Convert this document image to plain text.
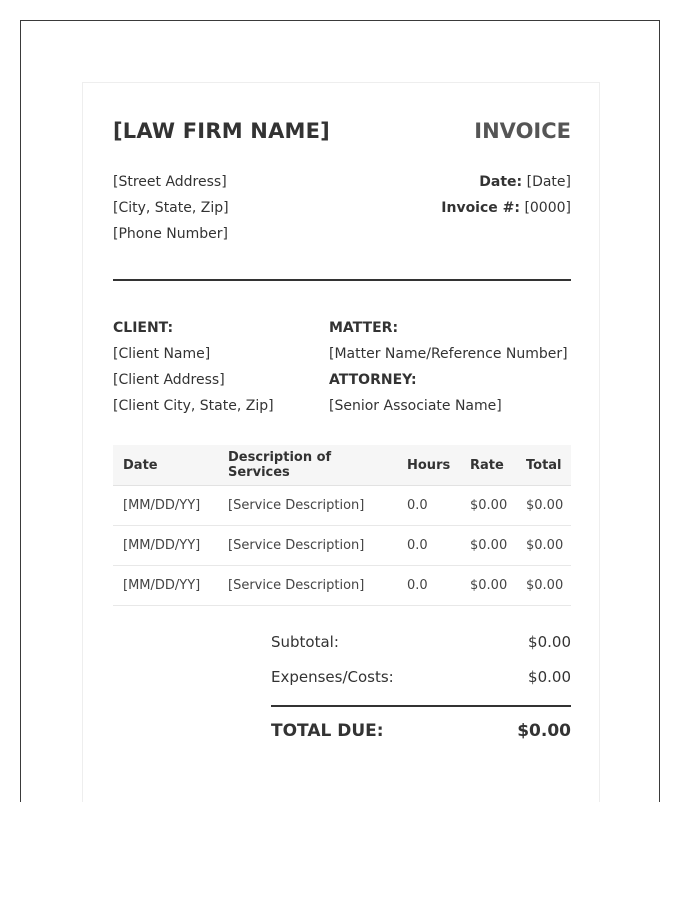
[LAW FIRM NAME]	INVOICE
[Street Address]
[City, State, Zip]
[Phone Number]
Date: [Date]
Invoice #: [0000]
CLIENT:
[Client Name]
[Client Address]
[Client City, State, Zip]
MATTER:
[Matter Name/Reference Number]
ATTORNEY:
[Senior Associate Name]
Date	Description of Services	Hours	Rate	Total
[MM/DD/YY]	[Service Description]	0.0	$0.00	$0.00
[MM/DD/YY]	[Service Description]	0.0	$0.00	$0.00
[MM/DD/YY]	[Service Description]	0.0	$0.00	$0.00
Subtotal:	$0.00
Expenses/Costs:	$0.00
TOTAL DUE:	$0.00
